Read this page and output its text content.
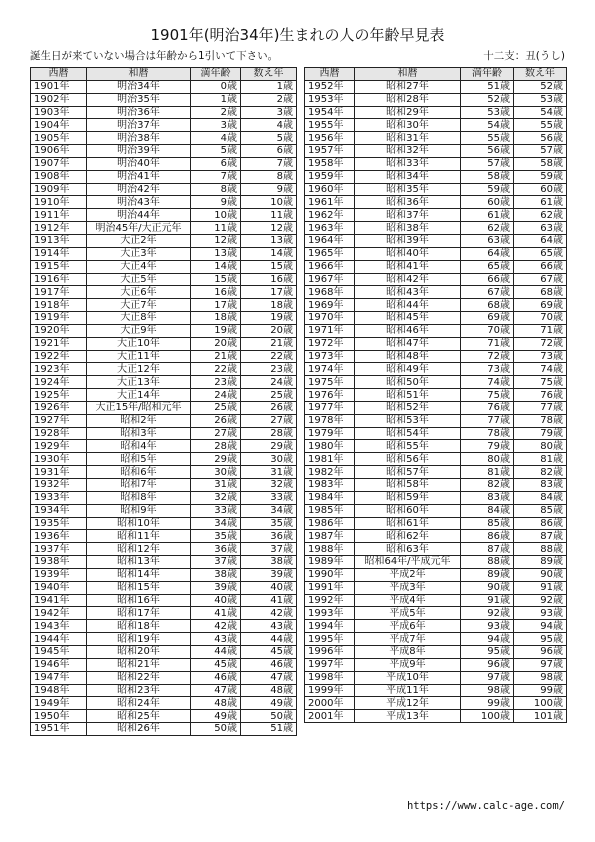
1901年(明治34年)生まれの人の年齢早見表
誕生日が来ていない場合は年齢から1引いて下さい。	十二支：丑(うし)
西暦	和暦	満年齢	数え年
1901年	明治34年	0歳	1歳
1902年	明治35年	1歳	2歳
1903年	明治36年	2歳	3歳
1904年	明治37年	3歳	4歳
1905年	明治38年	4歳	5歳
1906年	明治39年	5歳	6歳
1907年	明治40年	6歳	7歳
1908年	明治41年	7歳	8歳
1909年	明治42年	8歳	9歳
1910年	明治43年	9歳	10歳
1911年	明治44年	10歳	11歳
1912年	明治45年/大正元年	11歳	12歳
1913年	大正2年	12歳	13歳
1914年	大正3年	13歳	14歳
1915年	大正4年	14歳	15歳
1916年	大正5年	15歳	16歳
1917年	大正6年	16歳	17歳
1918年	大正7年	17歳	18歳
1919年	大正8年	18歳	19歳
1920年	大正9年	19歳	20歳
1921年	大正10年	20歳	21歳
1922年	大正11年	21歳	22歳
1923年	大正12年	22歳	23歳
1924年	大正13年	23歳	24歳
1925年	大正14年	24歳	25歳
1926年	大正15年/昭和元年	25歳	26歳
1927年	昭和2年	26歳	27歳
1928年	昭和3年	27歳	28歳
1929年	昭和4年	28歳	29歳
1930年	昭和5年	29歳	30歳
1931年	昭和6年	30歳	31歳
1932年	昭和7年	31歳	32歳
1933年	昭和8年	32歳	33歳
1934年	昭和9年	33歳	34歳
1935年	昭和10年	34歳	35歳
1936年	昭和11年	35歳	36歳
1937年	昭和12年	36歳	37歳
1938年	昭和13年	37歳	38歳
1939年	昭和14年	38歳	39歳
1940年	昭和15年	39歳	40歳
1941年	昭和16年	40歳	41歳
1942年	昭和17年	41歳	42歳
1943年	昭和18年	42歳	43歳
1944年	昭和19年	43歳	44歳
1945年	昭和20年	44歳	45歳
1946年	昭和21年	45歳	46歳
1947年	昭和22年	46歳	47歳
1948年	昭和23年	47歳	48歳
1949年	昭和24年	48歳	49歳
1950年	昭和25年	49歳	50歳
1951年	昭和26年	50歳	51歳
西暦	和暦	満年齢	数え年
1952年	昭和27年	51歳	52歳
1953年	昭和28年	52歳	53歳
1954年	昭和29年	53歳	54歳
1955年	昭和30年	54歳	55歳
1956年	昭和31年	55歳	56歳
1957年	昭和32年	56歳	57歳
1958年	昭和33年	57歳	58歳
1959年	昭和34年	58歳	59歳
1960年	昭和35年	59歳	60歳
1961年	昭和36年	60歳	61歳
1962年	昭和37年	61歳	62歳
1963年	昭和38年	62歳	63歳
1964年	昭和39年	63歳	64歳
1965年	昭和40年	64歳	65歳
1966年	昭和41年	65歳	66歳
1967年	昭和42年	66歳	67歳
1968年	昭和43年	67歳	68歳
1969年	昭和44年	68歳	69歳
1970年	昭和45年	69歳	70歳
1971年	昭和46年	70歳	71歳
1972年	昭和47年	71歳	72歳
1973年	昭和48年	72歳	73歳
1974年	昭和49年	73歳	74歳
1975年	昭和50年	74歳	75歳
1976年	昭和51年	75歳	76歳
1977年	昭和52年	76歳	77歳
1978年	昭和53年	77歳	78歳
1979年	昭和54年	78歳	79歳
1980年	昭和55年	79歳	80歳
1981年	昭和56年	80歳	81歳
1982年	昭和57年	81歳	82歳
1983年	昭和58年	82歳	83歳
1984年	昭和59年	83歳	84歳
1985年	昭和60年	84歳	85歳
1986年	昭和61年	85歳	86歳
1987年	昭和62年	86歳	87歳
1988年	昭和63年	87歳	88歳
1989年	昭和64年/平成元年	88歳	89歳
1990年	平成2年	89歳	90歳
1991年	平成3年	90歳	91歳
1992年	平成4年	91歳	92歳
1993年	平成5年	92歳	93歳
1994年	平成6年	93歳	94歳
1995年	平成7年	94歳	95歳
1996年	平成8年	95歳	96歳
1997年	平成9年	96歳	97歳
1998年	平成10年	97歳	98歳
1999年	平成11年	98歳	99歳
2000年	平成12年	99歳	100歳
2001年	平成13年	100歳	101歳
https://www.calc-age.com/
